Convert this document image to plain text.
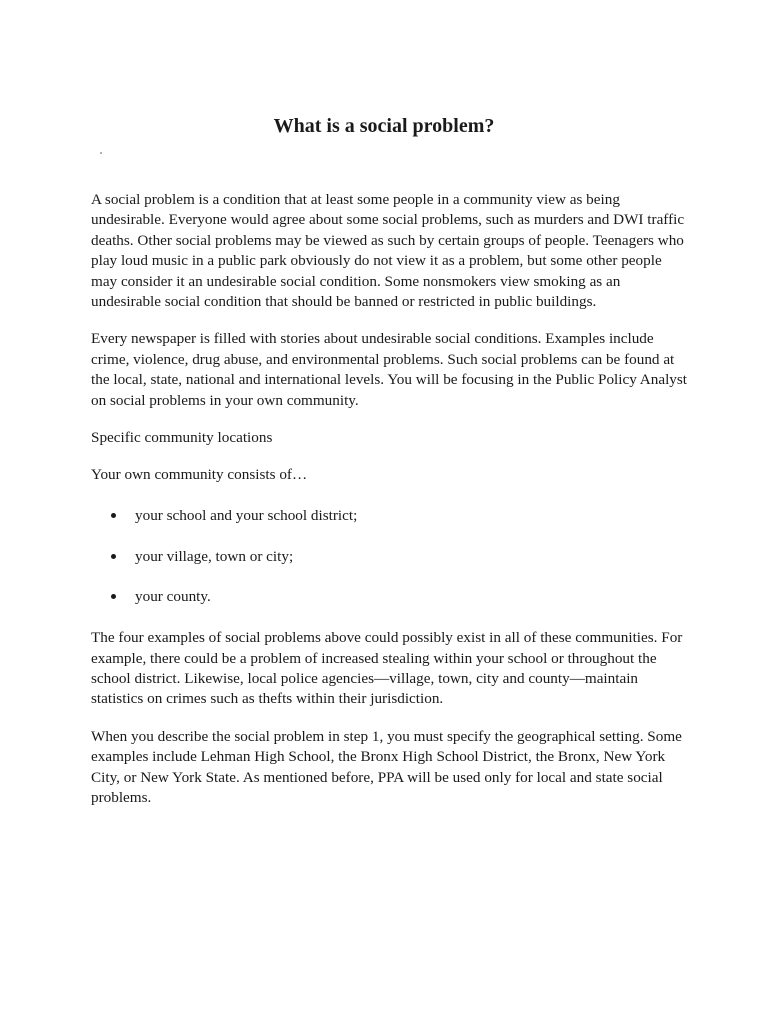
What is a social problem?

A social problem is a condition that at least some people in a community view as being undesirable. Everyone would agree about some social problems, such as murders and DWI traffic deaths. Other social problems may be viewed as such by certain groups of people. Teenagers who play loud music in a public park obviously do not view it as a problem, but some other people may consider it an undesirable social condition. Some nonsmokers view smoking as an undesirable social condition that should be banned or restricted in public buildings.

Every newspaper is filled with stories about undesirable social conditions. Examples include crime, violence, drug abuse, and environmental problems. Such social problems can be found at the local, state, national and international levels. You will be focusing in the Public Policy Analyst on social problems in your own community.

Specific community locations

Your own community consists of…

your school and your school district;
your village, town or city;
your county.

The four examples of social problems above could possibly exist in all of these communities. For example, there could be a problem of increased stealing within your school or throughout the school district. Likewise, local police agencies—village, town, city and county—maintain statistics on crimes such as thefts within their jurisdiction.

When you describe the social problem in step 1, you must specify the geographical setting. Some examples include Lehman High School, the Bronx High School District, the Bronx, New York City, or New York State. As mentioned before, PPA will be used only for local and state social problems.
